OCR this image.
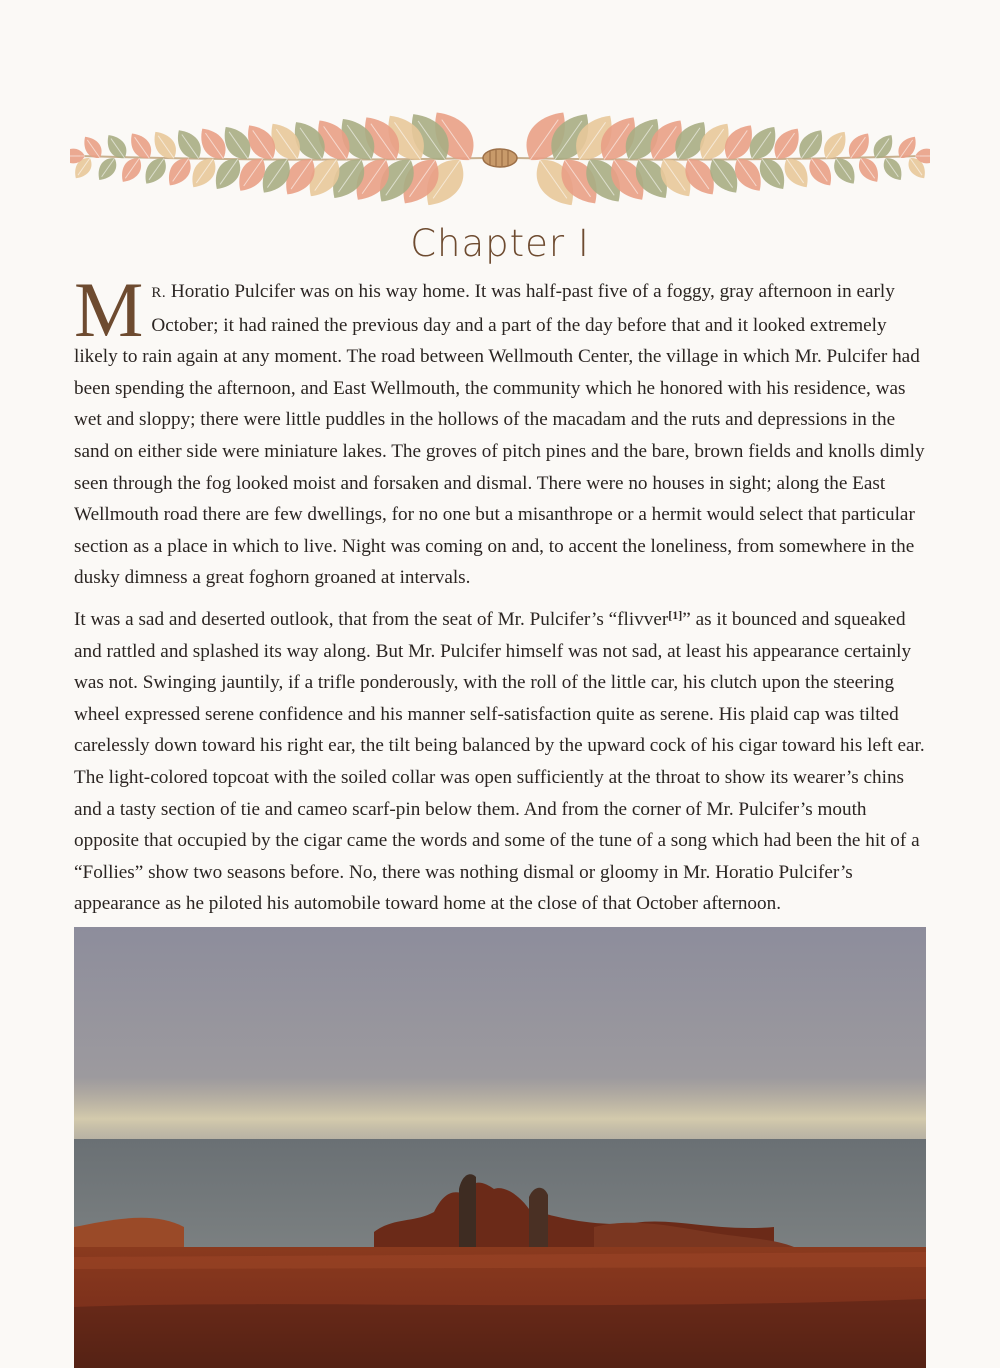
Chapter I

MR. Horatio Pulcifer was on his way home. It was half-past five of a foggy, gray afternoon in early October; it had rained the previous day and a part of the day before that and it looked extremely likely to rain again at any moment. The road between Wellmouth Center, the village in which Mr. Pulcifer had been spending the afternoon, and East Wellmouth, the community which he honored with his residence, was wet and sloppy; there were little puddles in the hollows of the macadam and the ruts and depressions in the sand on either side were miniature lakes. The groves of pitch pines and the bare, brown fields and knolls dimly seen through the fog looked moist and forsaken and dismal. There were no houses in sight; along the East Wellmouth road there are few dwellings, for no one but a misanthrope or a hermit would select that particular section as a place in which to live. Night was coming on and, to accent the loneliness, from somewhere in the dusky dimness a great foghorn groaned at intervals.

It was a sad and deserted outlook, that from the seat of Mr. Pulcifer’s “flivver[1]” as it bounced and squeaked and rattled and splashed its way along. But Mr. Pulcifer himself was not sad, at least his appearance certainly was not. Swinging jauntily, if a trifle ponderously, with the roll of the little car, his clutch upon the steering wheel expressed serene confidence and his manner self-satisfaction quite as serene. His plaid cap was tilted carelessly down toward his right ear, the tilt being balanced by the upward cock of his cigar toward his left ear. The light-colored topcoat with the soiled collar was open sufficiently at the throat to show its wearer’s chins and a tasty section of tie and cameo scarf-pin below them. And from the corner of Mr. Pulcifer’s mouth opposite that occupied by the cigar came the words and some of the tune of a song which had been the hit of a “Follies” show two seasons before. No, there was nothing dismal or gloomy in Mr. Horatio Pulcifer’s appearance as he piloted his automobile toward home at the close of that October afternoon.
